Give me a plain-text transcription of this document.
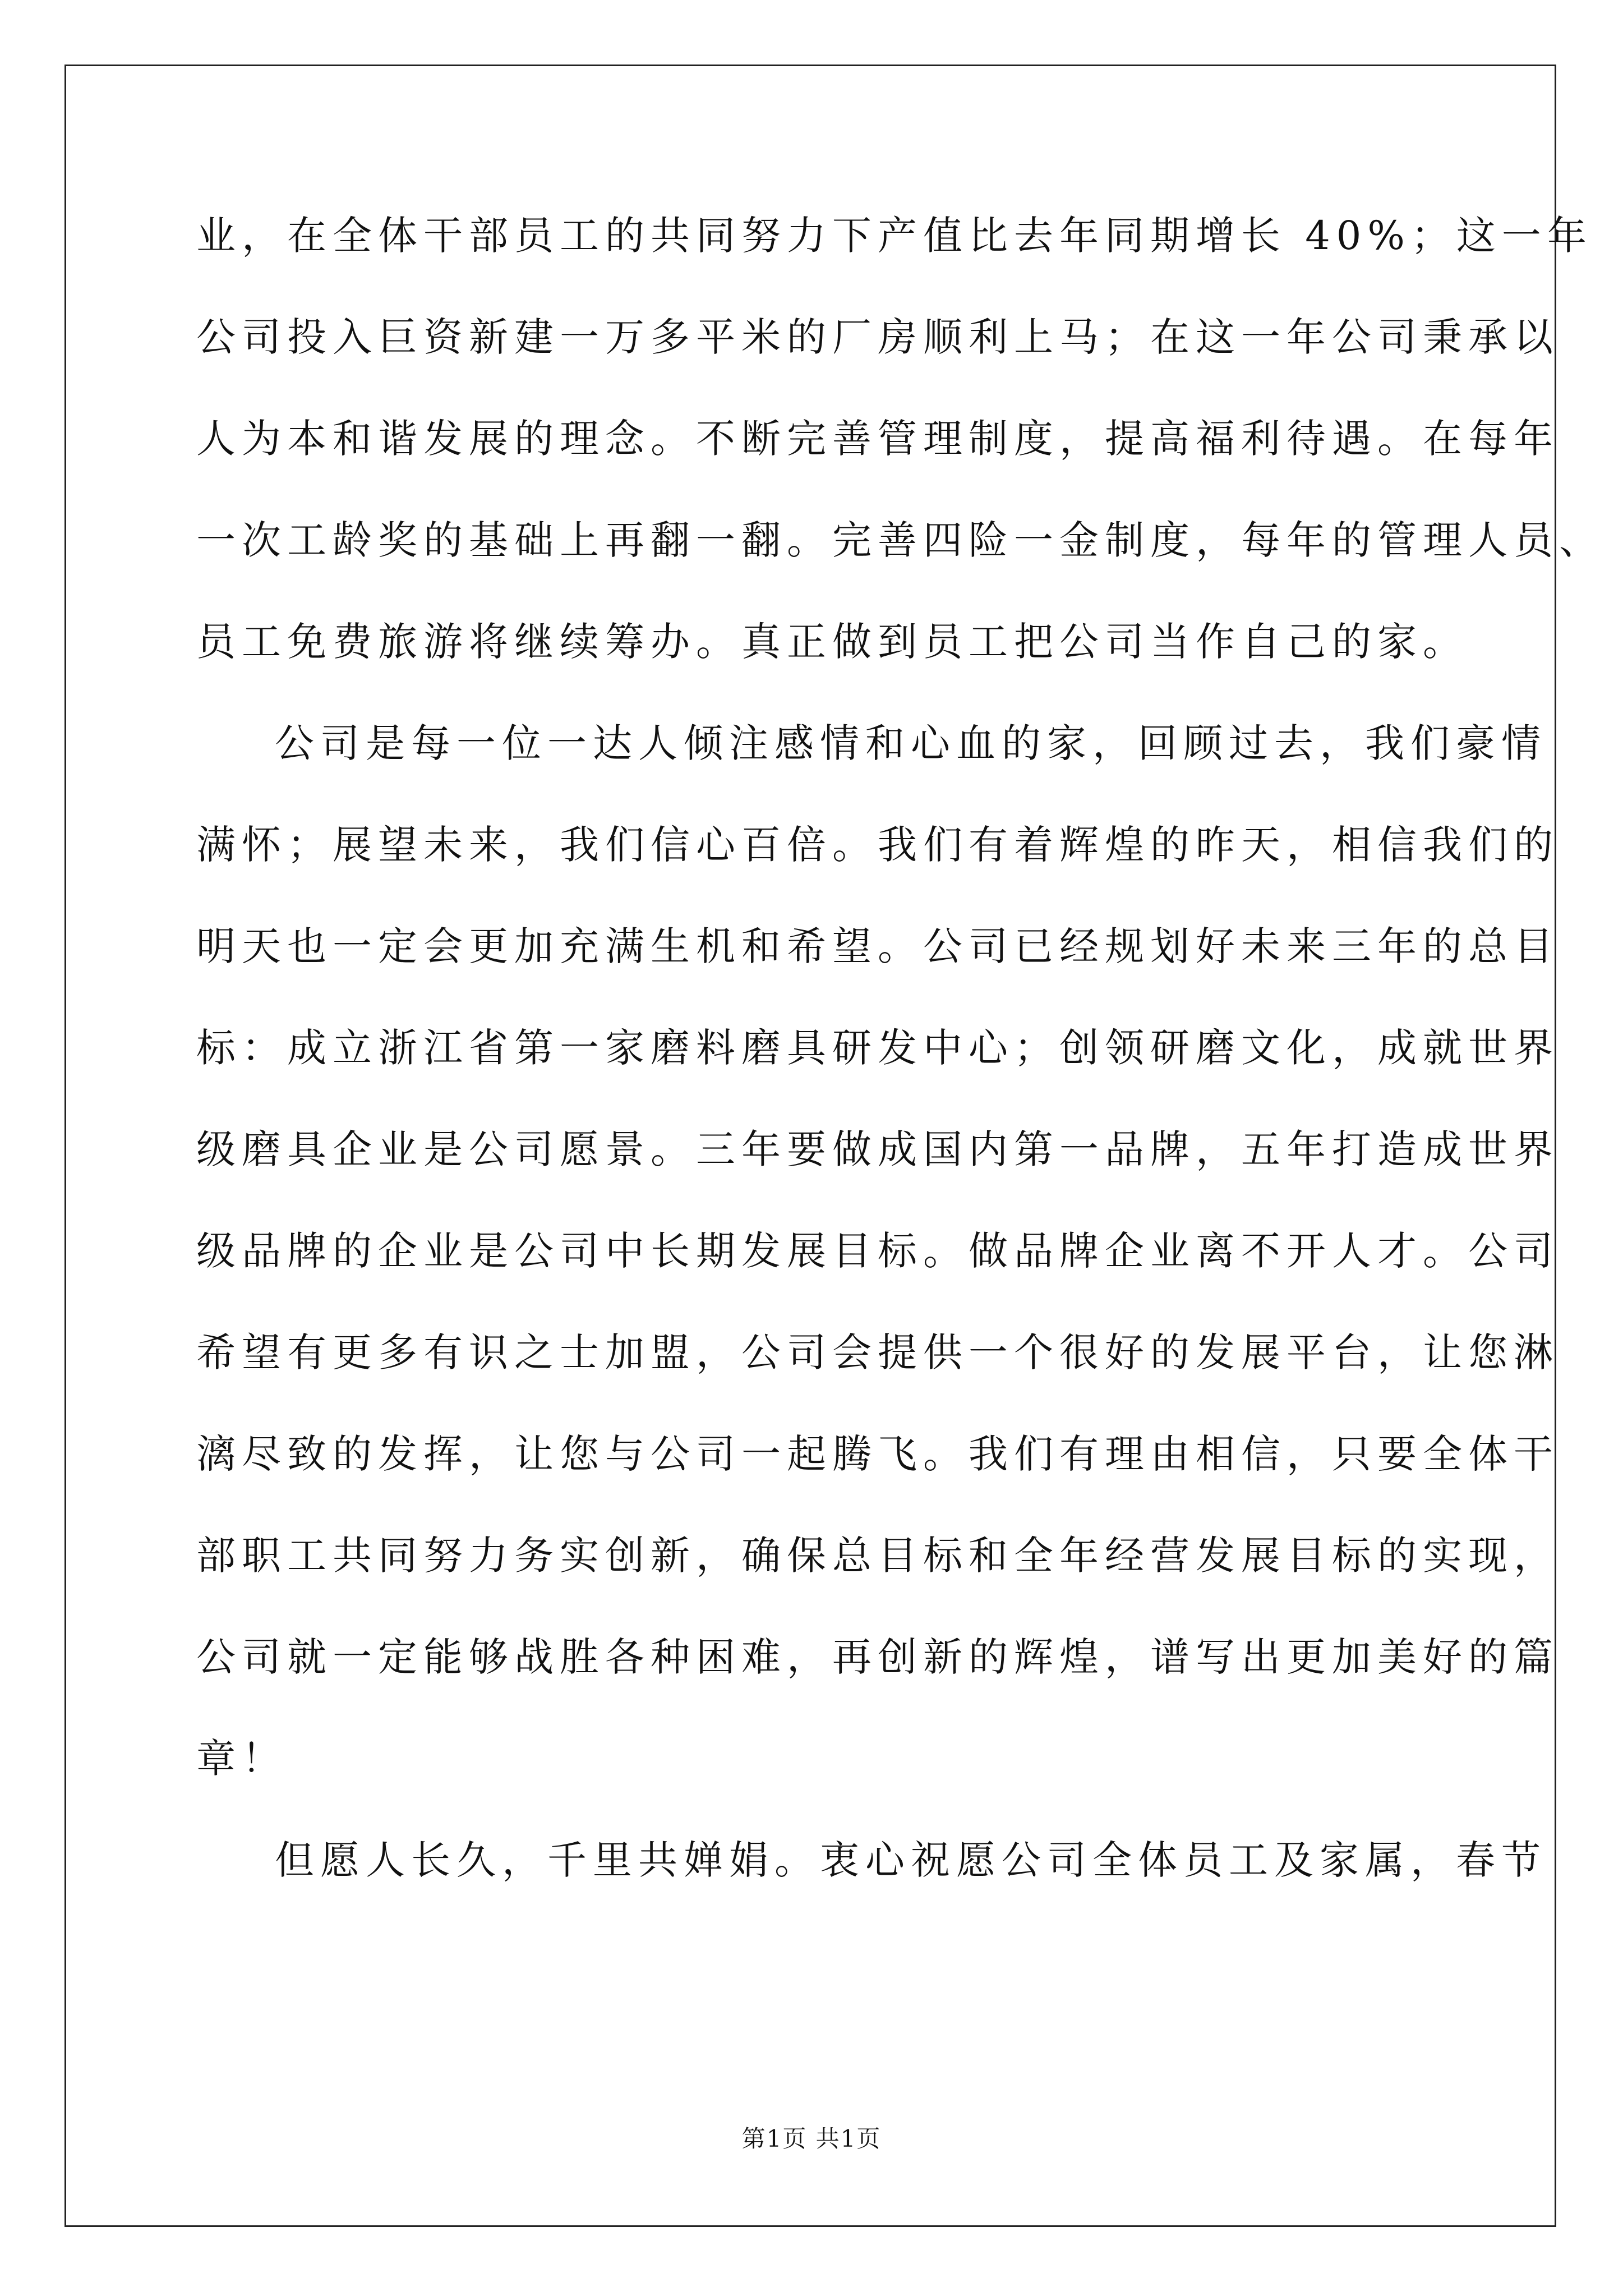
业，在全体干部员工的共同努力下产值比去年同期增长 40%；这一年
公司投入巨资新建一万多平米的厂房顺利上马；在这一年公司秉承以
人为本和谐发展的理念。不断完善管理制度，提高福利待遇。在每年
一次工龄奖的基础上再翻一翻。完善四险一金制度，每年的管理人员、
员工免费旅游将继续筹办。真正做到员工把公司当作自己的家。
公司是每一位一达人倾注感情和心血的家，回顾过去，我们豪情
满怀；展望未来，我们信心百倍。我们有着辉煌的昨天，相信我们的
明天也一定会更加充满生机和希望。公司已经规划好未来三年的总目
标：成立浙江省第一家磨料磨具研发中心；创领研磨文化，成就世界
级磨具企业是公司愿景。三年要做成国内第一品牌，五年打造成世界
级品牌的企业是公司中长期发展目标。做品牌企业离不开人才。公司
希望有更多有识之士加盟，公司会提供一个很好的发展平台，让您淋
漓尽致的发挥，让您与公司一起腾飞。我们有理由相信，只要全体干
部职工共同努力务实创新，确保总目标和全年经营发展目标的实现，
公司就一定能够战胜各种困难，再创新的辉煌，谱写出更加美好的篇
章！
但愿人长久，千里共婵娟。衷心祝愿公司全体员工及家属，春节
第1页 共1页
